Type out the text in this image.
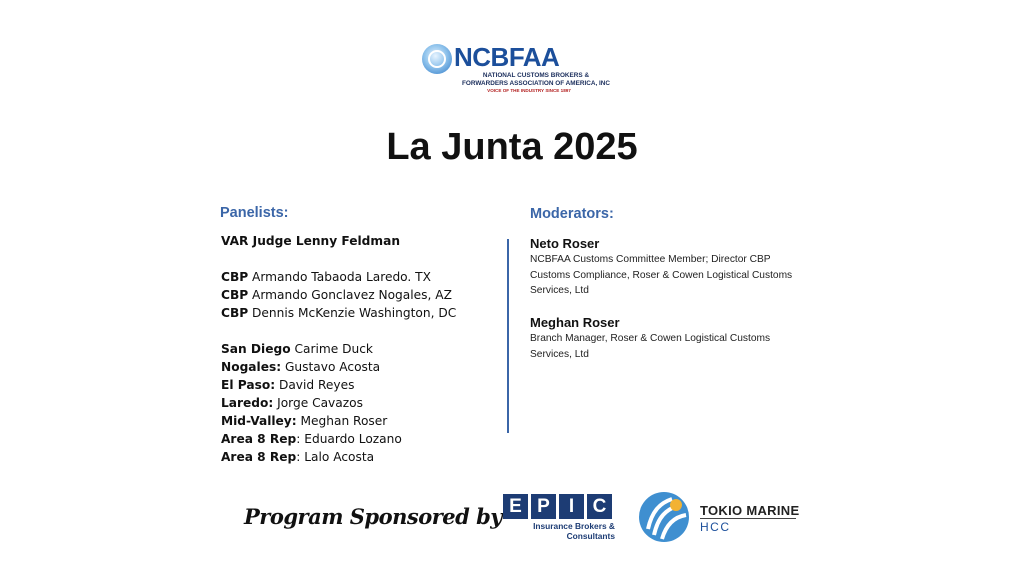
NCBFAA
NATIONAL CUSTOMS BROKERS &
FORWARDERS ASSOCIATION OF AMERICA, INC
VOICE OF THE INDUSTRY SINCE 1897
La Junta 2025
Panelists:	Moderators:
VAR Judge Lenny Feldman
CBP Armando Tabaoda Laredo. TX
CBP Armando Gonclavez Nogales, AZ
CBP Dennis McKenzie Washington, DC
San Diego Carime Duck
Nogales: Gustavo Acosta
El Paso: David Reyes
Laredo: Jorge Cavazos
Mid-Valley: Meghan Roser
Area 8 Rep: Eduardo Lozano
Area 8 Rep: Lalo Acosta
Neto Roser
NCBFAA Customs Committee Member; Director CBP
Customs Compliance, Roser & Cowen Logistical Customs
Services, Ltd
Meghan Roser
Branch Manager, Roser & Cowen Logistical Customs
Services, Ltd
Program Sponsored by E P	I C
Insurance Brokers &
Consultants
TOKIO MARINE
HCC
